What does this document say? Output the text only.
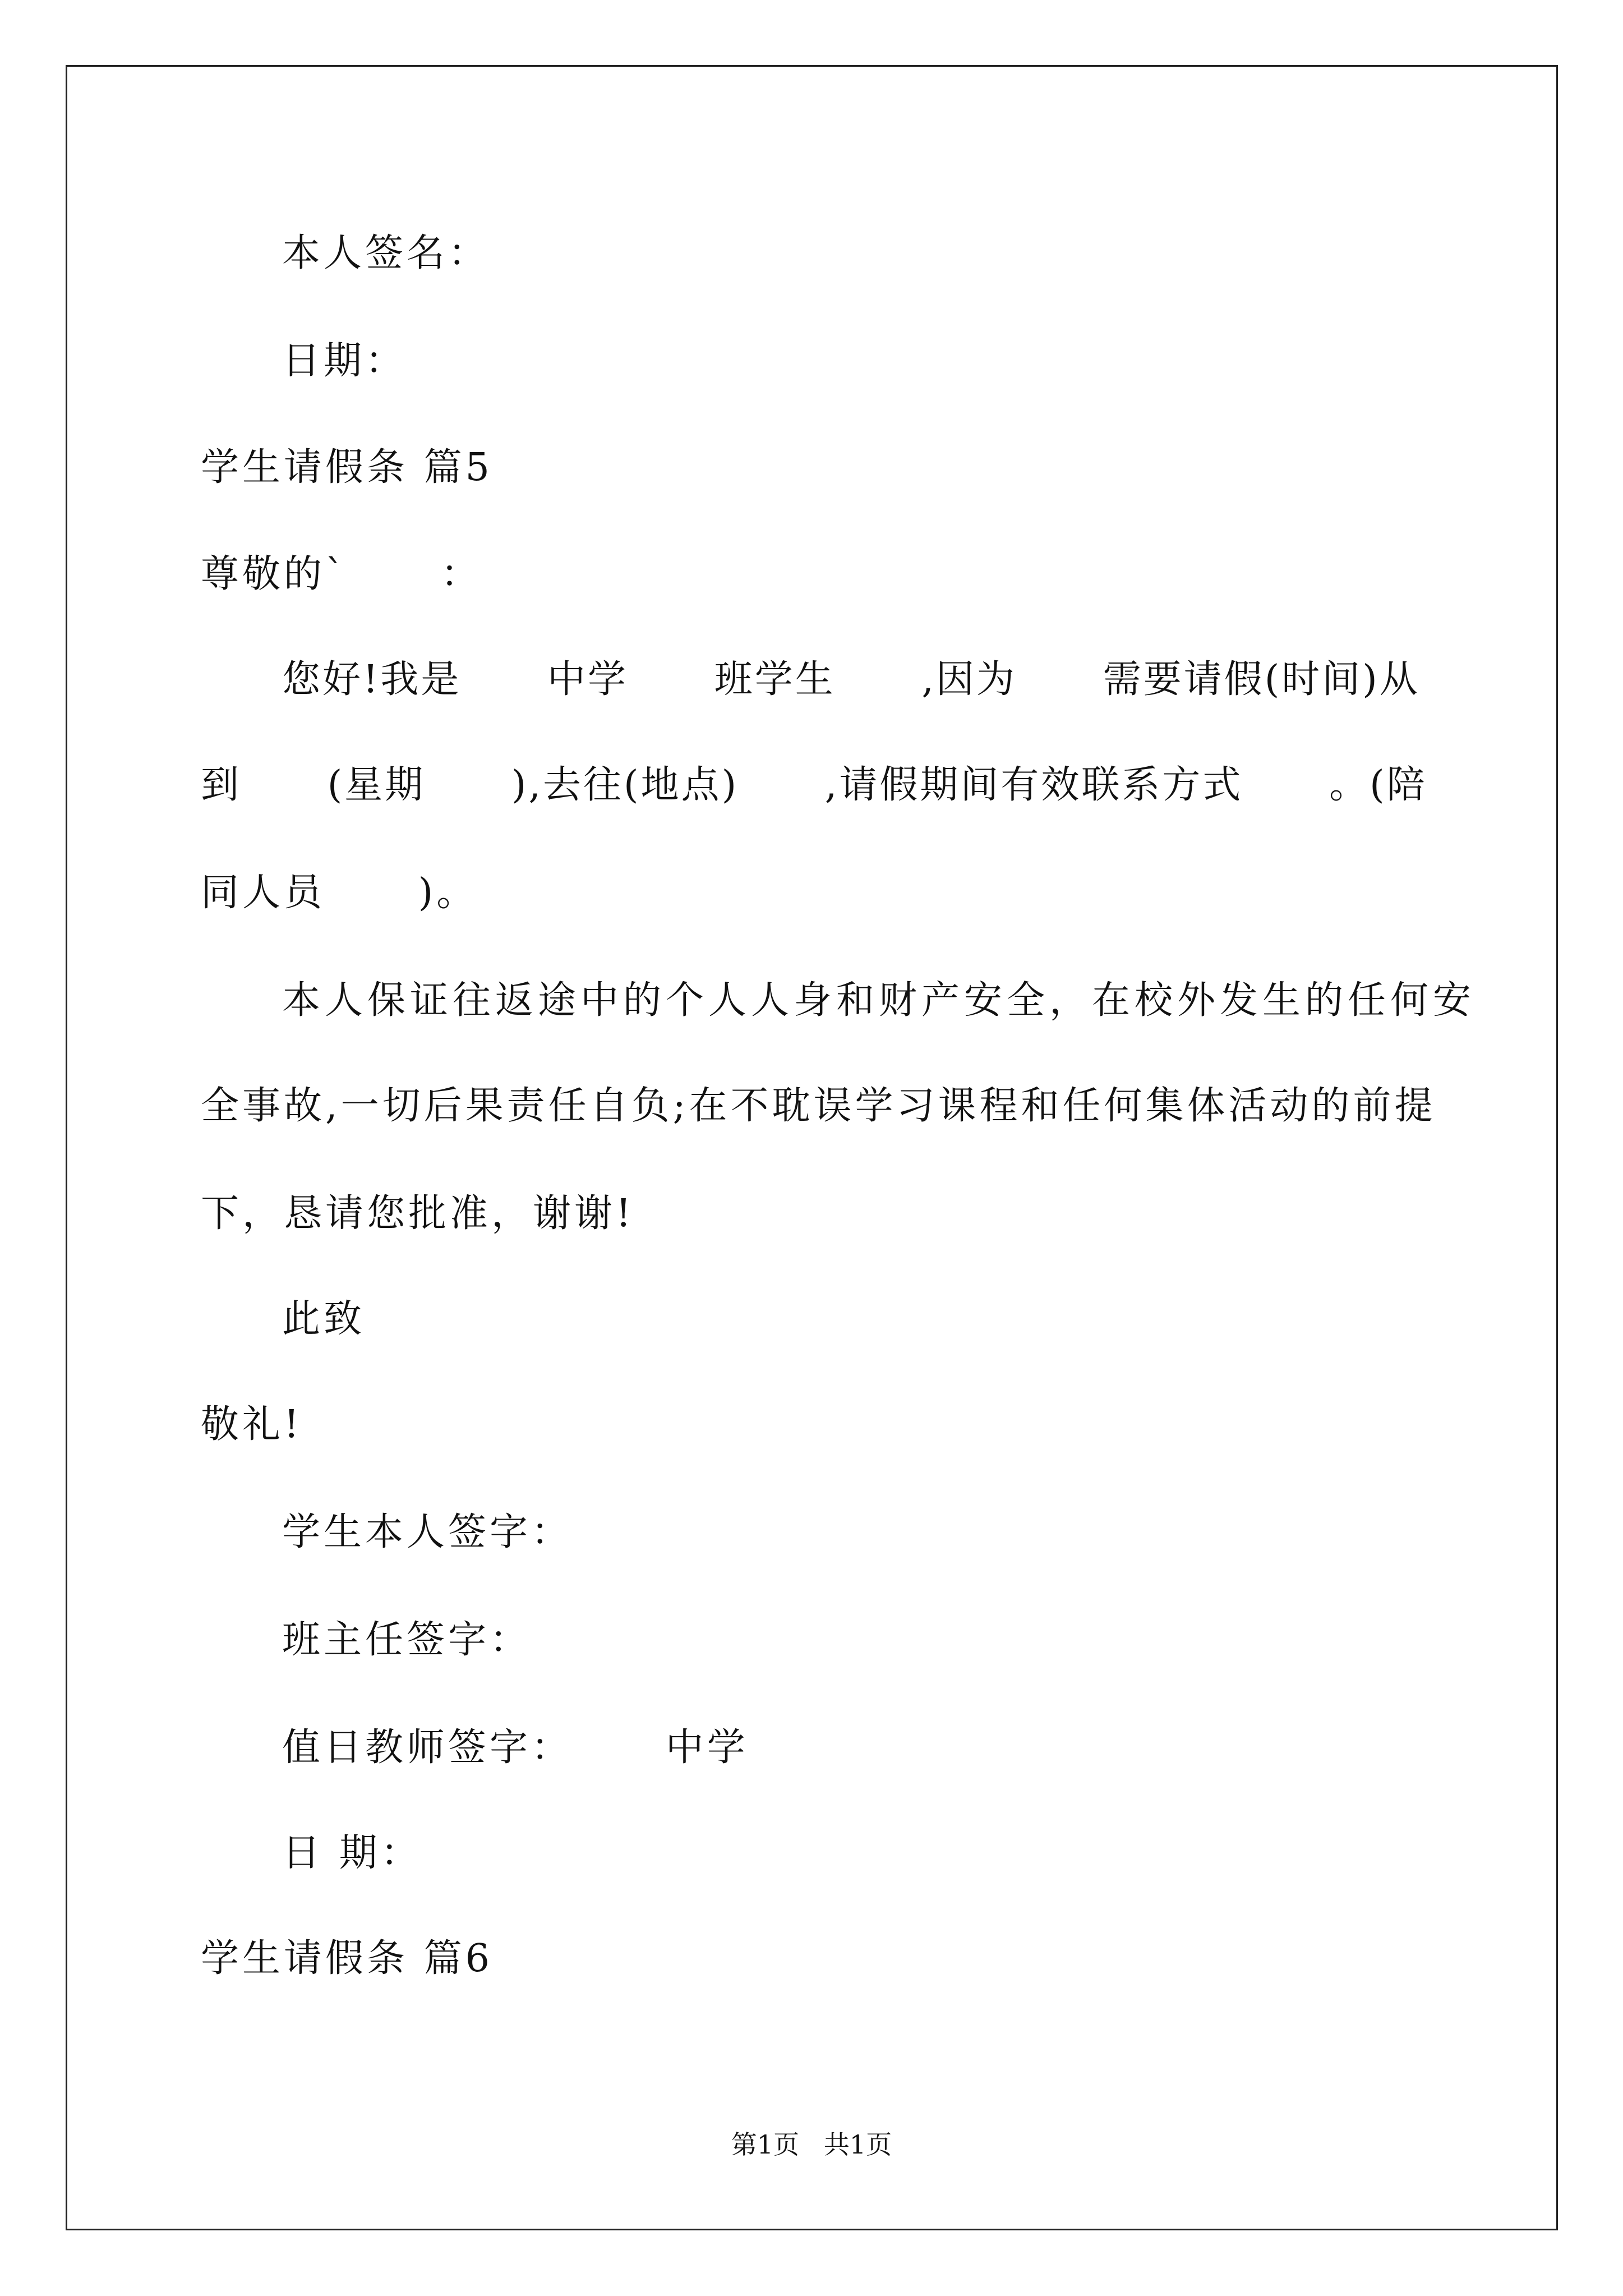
本人签名：
日期：
学生请假条 篇5
尊敬的`      ：
您好!我是      中学      班学生      ,因为      需要请假(时间)从
到      (星期      ),去往(地点)      ,请假期间有效联系方式      。(陪
同人员      )。
本人保证往返途中的个人人身和财产安全，在校外发生的任何安
全事故,一切后果责任自负;在不耽误学习课程和任何集体活动的前提
下，恳请您批准，谢谢!
此致
敬礼!
学生本人签字：
班主任签字：
值日教师签字：      中学
日 期：
学生请假条 篇6
第1页   共1页
